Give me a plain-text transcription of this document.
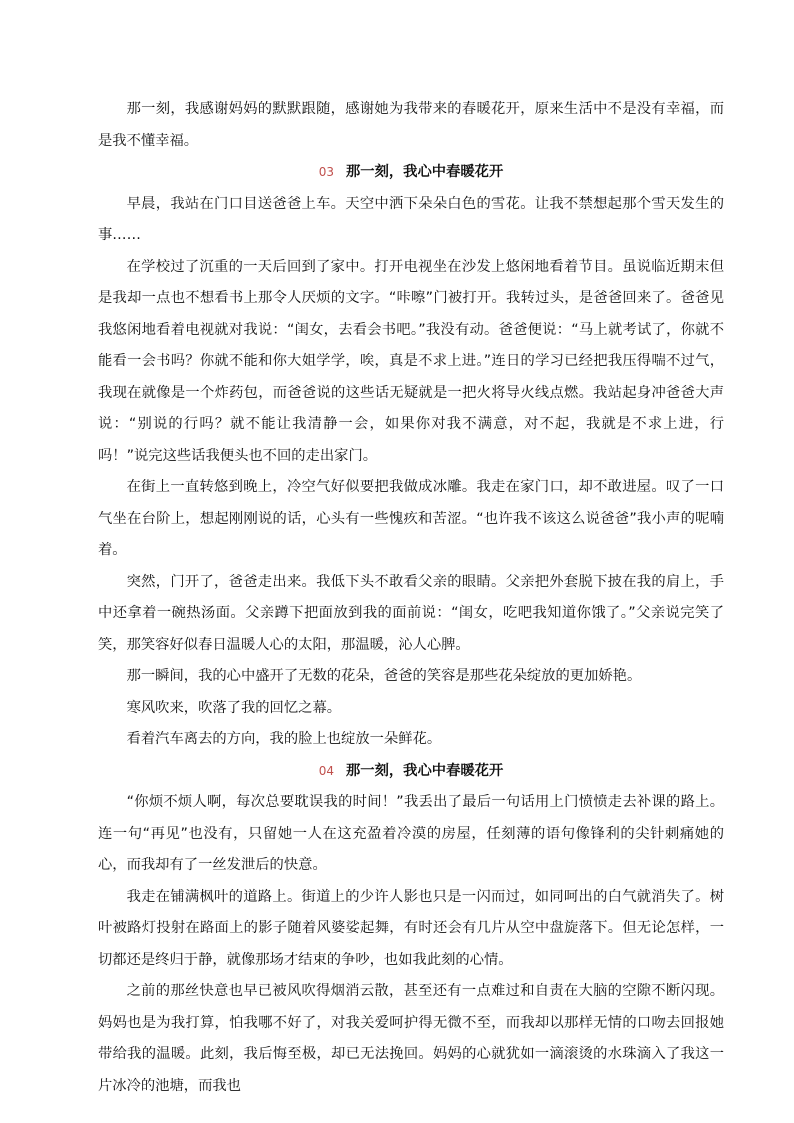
那一刻，我感谢妈妈的默默跟随，感谢她为我带来的春暖花开，原来生活中不是没有幸福，而是我不懂幸福。

03 那一刻，我心中春暖花开

早晨，我站在门口目送爸爸上车。天空中洒下朵朵白色的雪花。让我不禁想起那个雪天发生的事……

在学校过了沉重的一天后回到了家中。打开电视坐在沙发上悠闲地看着节目。虽说临近期末但是我却一点也不想看书上那令人厌烦的文字。“咔嚓”门被打开。我转过头，是爸爸回来了。爸爸见我悠闲地看着电视就对我说：“闺女，去看会书吧。”我没有动。爸爸便说：“马上就考试了，你就不能看一会书吗？你就不能和你大姐学学，唉，真是不求上进。”连日的学习已经把我压得喘不过气，我现在就像是一个炸药包，而爸爸说的这些话无疑就是一把火将导火线点燃。我站起身冲爸爸大声说：“别说的行吗？就不能让我清静一会，如果你对我不满意，对不起，我就是不求上进，行吗！”说完这些话我便头也不回的走出家门。

在街上一直转悠到晚上，冷空气好似要把我做成冰雕。我走在家门口，却不敢进屋。叹了一口气坐在台阶上，想起刚刚说的话，心头有一些愧疚和苦涩。“也许我不该这么说爸爸”我小声的呢喃着。

突然，门开了，爸爸走出来。我低下头不敢看父亲的眼睛。父亲把外套脱下披在我的肩上，手中还拿着一碗热汤面。父亲蹲下把面放到我的面前说：“闺女，吃吧我知道你饿了。”父亲说完笑了笑，那笑容好似春日温暖人心的太阳，那温暖，沁人心脾。

那一瞬间，我的心中盛开了无数的花朵，爸爸的笑容是那些花朵绽放的更加娇艳。

寒风吹来，吹落了我的回忆之幕。

看着汽车离去的方向，我的脸上也绽放一朵鲜花。

04 那一刻，我心中春暖花开

“你烦不烦人啊，每次总要耽误我的时间！”我丢出了最后一句话用上门愤愤走去补课的路上。连一句“再见”也没有，只留她一人在这充盈着冷漠的房屋，任刻薄的语句像锋利的尖针刺痛她的心，而我却有了一丝发泄后的快意。

我走在铺满枫叶的道路上。街道上的少许人影也只是一闪而过，如同呵出的白气就消失了。树叶被路灯投射在路面上的影子随着风婆娑起舞，有时还会有几片从空中盘旋落下。但无论怎样，一切都还是终归于静，就像那场才结束的争吵，也如我此刻的心情。

之前的那丝快意也早已被风吹得烟消云散，甚至还有一点难过和自责在大脑的空隙不断闪现。妈妈也是为我打算，怕我哪不好了，对我关爱呵护得无微不至，而我却以那样无情的口吻去回报她带给我的温暖。此刻，我后悔至极，却已无法挽回。妈妈的心就犹如一滴滚烫的水珠滴入了我这一片冰冷的池塘，而我也
